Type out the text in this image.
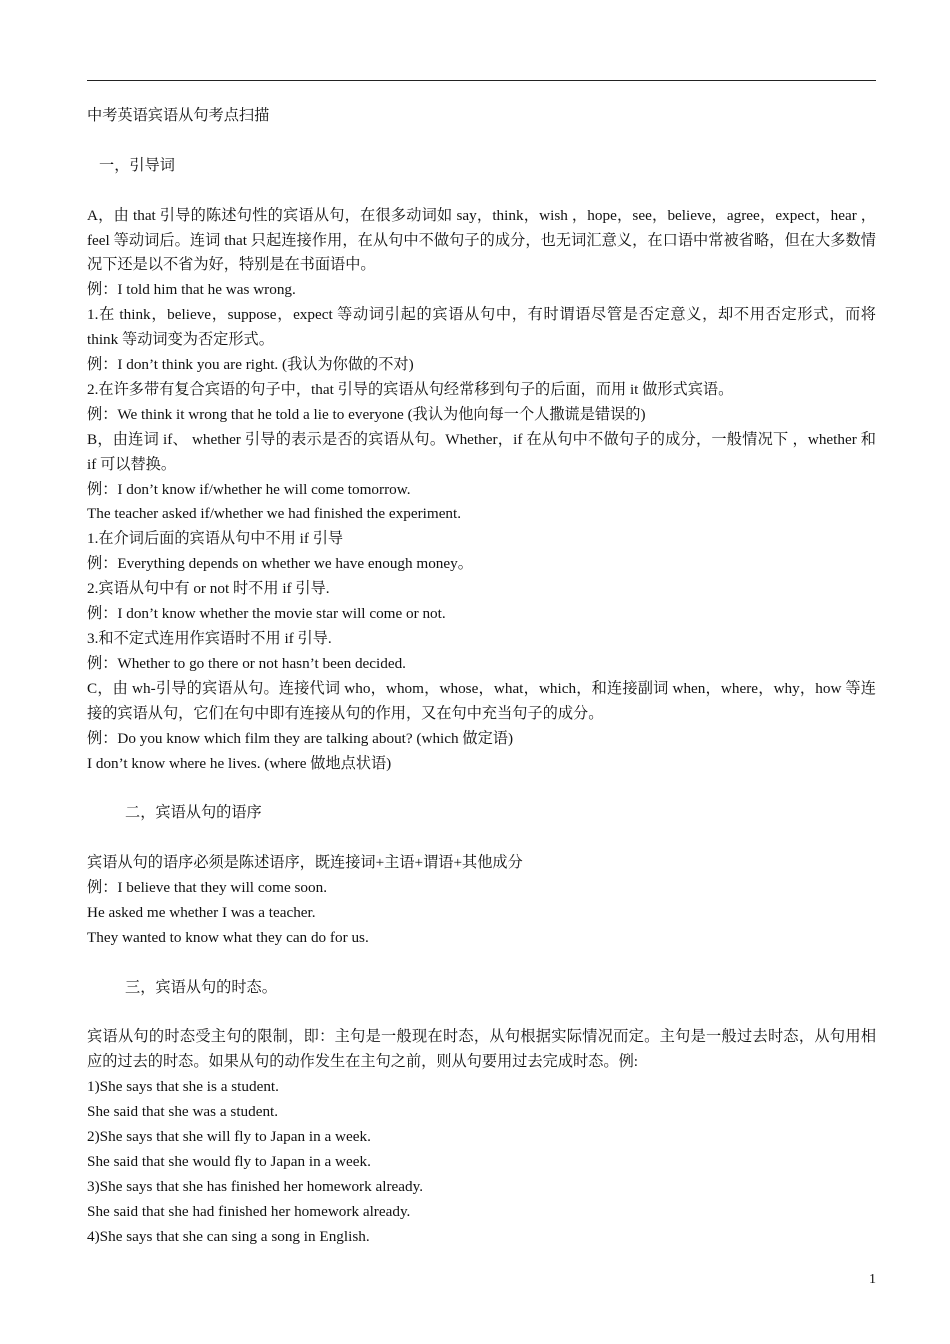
中考英语宾语从句考点扫描

一，引导词

A，由 that 引导的陈述句性的宾语从句，在很多动词如 say，think，wish ，hope，see，believe，agree，expect，hear ，feel 等动词后。连词 that 只起连接作用，在从句中不做句子的成分，也无词汇意义，在口语中常被省略，但在大多数情况下还是以不省为好，特别是在书面语中。

例：I told him that he was wrong.

1.在 think，believe，suppose，expect 等动词引起的宾语从句中，有时谓语尽管是否定意义，却不用否定形式，而将 think 等动词变为否定形式。

例：I don’t think you are right. (我认为你做的不对)

2.在许多带有复合宾语的句子中，that 引导的宾语从句经常移到句子的后面，而用 it 做形式宾语。

例：We think it wrong that he told a lie to everyone (我认为他向每一个人撒谎是错误的)

B，由连词 if、 whether 引导的表示是否的宾语从句。Whether，if 在从句中不做句子的成分，一般情况下 ，whether 和 if 可以替换。

例：I don’t know if/whether he will come tomorrow.

The teacher asked if/whether we had finished the experiment.

1.在介词后面的宾语从句中不用 if 引导

例：Everything depends on whether we have enough money。

2.宾语从句中有 or not 时不用 if 引导.

例：I don’t know whether the movie star will come or not.

3.和不定式连用作宾语时不用 if 引导.

例：Whether to go there or not hasn’t been decided.

C，由 wh-引导的宾语从句。连接代词 who，whom，whose，what，which，和连接副词 when，where，why，how 等连接的宾语从句，它们在句中即有连接从句的作用，又在句中充当句子的成分。

例：Do you know which film they are talking about? (which 做定语)

I don’t know where he lives. (where 做地点状语)

二，宾语从句的语序

宾语从句的语序必须是陈述语序，既连接词+主语+谓语+其他成分

例：I believe that they will come soon.

He asked me whether I was a teacher.

They wanted to know what they can do for us.

三，宾语从句的时态。

宾语从句的时态受主句的限制，即：主句是一般现在时态，从句根据实际情况而定。主句是一般过去时态，从句用相应的过去的时态。如果从句的动作发生在主句之前，则从句要用过去完成时态。例:

1)She says that she is a student.

She said that she was a student.

2)She says that she will fly to Japan in a week.

She said that she would fly to Japan in a week.

3)She says that she has finished her homework already.

She said that she had finished her homework already.

4)She says that she can sing a song in English.

1
